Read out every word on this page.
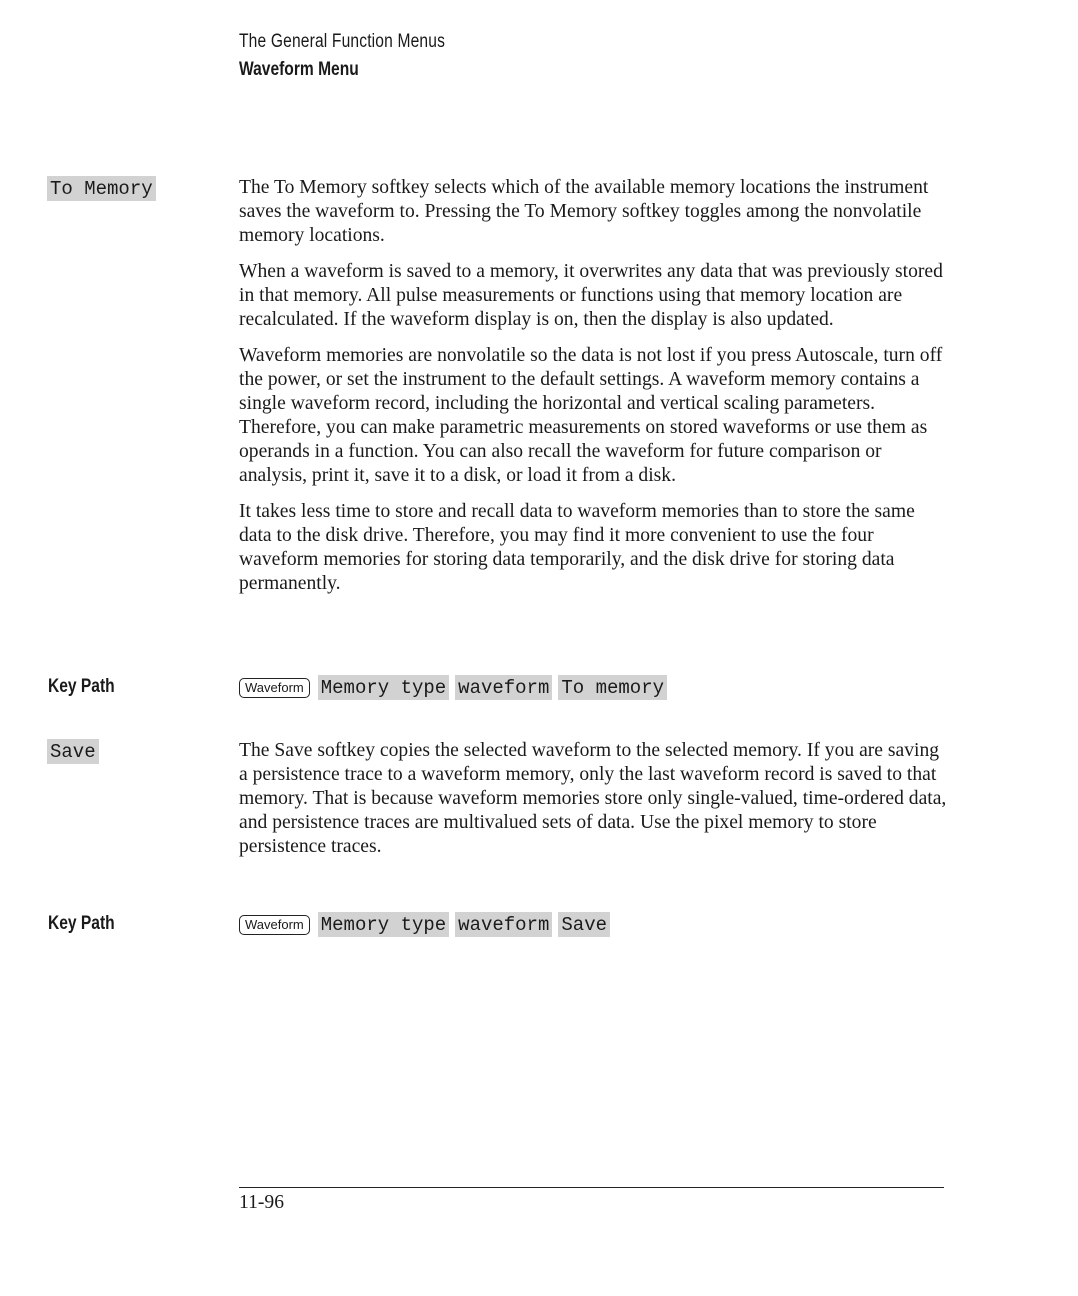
The General Function Menus
Waveform Menu
To Memory	The To Memory softkey selects which of the available memory locations the instrument saves the waveform to. Pressing the To Memory softkey toggles among the nonvolatile memory locations.

When a waveform is saved to a memory, it overwrites any data that was previously stored in that memory. All pulse measurements or functions using that memory location are recalculated. If the waveform display is on, then the display is also updated.

Waveform memories are nonvolatile so the data is not lost if you press Autoscale, turn off the power, or set the instrument to the default settings. A waveform memory contains a single waveform record, including the horizontal and vertical scaling parameters. Therefore, you can make parametric measurements on stored waveforms or use them as operands in a function. You can also recall the waveform for future comparison or analysis, print it, save it to a disk, or load it from a disk.

It takes less time to store and recall data to waveform memories than to store the same data to the disk drive. Therefore, you may find it more convenient to use the four waveform memories for storing data temporarily, and the disk drive for storing data permanently.

Key Path	Waveform Memory type waveform To memory
Save	The Save softkey copies the selected waveform to the selected memory. If you are saving a persistence trace to a waveform memory, only the last waveform record is saved to that memory. That is because waveform memories store only single-valued, time-ordered data, and persistence traces are multivalued sets of data. Use the pixel memory to store persistence traces.

Key Path	Waveform Memory type waveform Save
11-96
